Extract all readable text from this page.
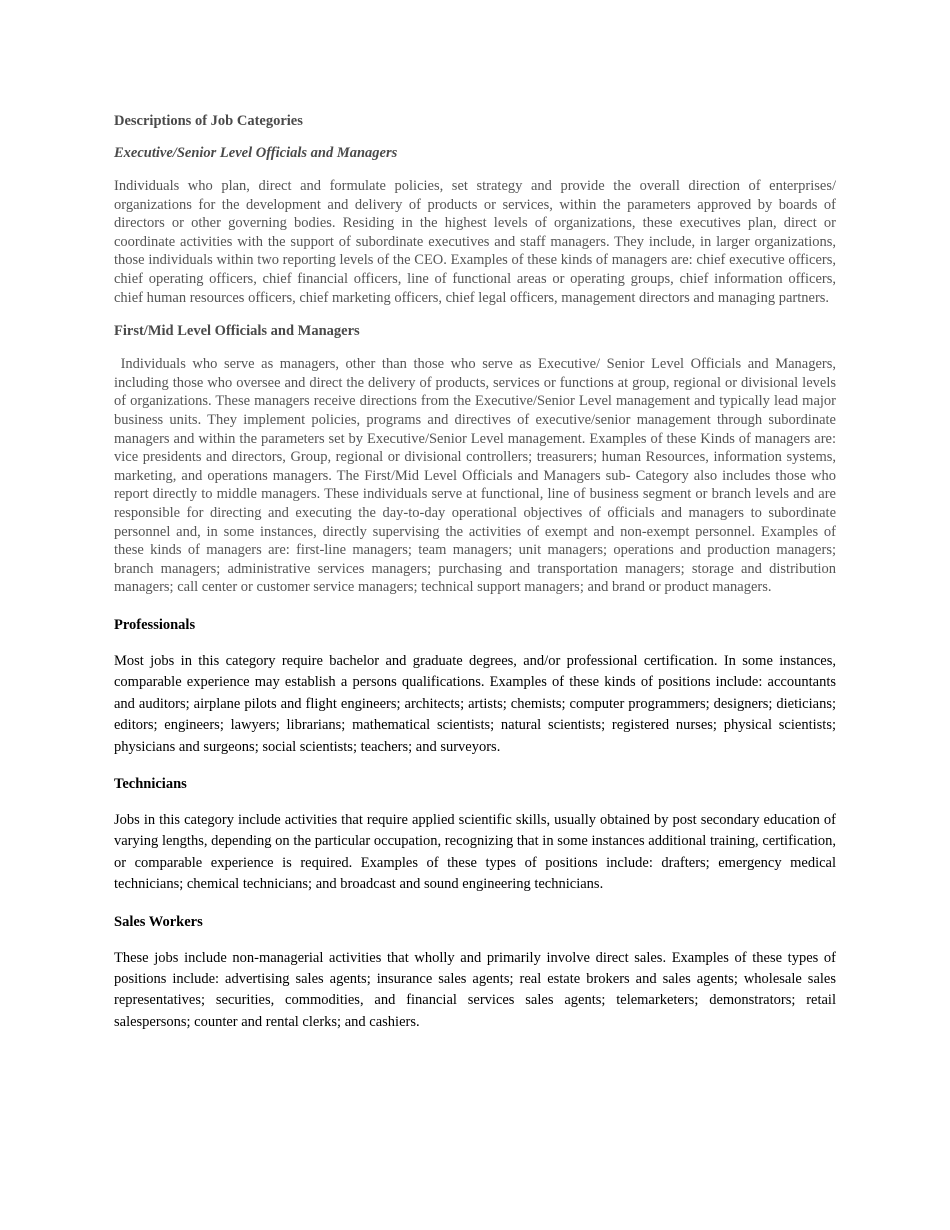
Descriptions of Job Categories
Executive/Senior Level Officials and Managers

Individuals who plan, direct and formulate policies, set strategy and provide the overall direction of enterprises/ organizations for the development and delivery of products or services, within the parameters approved by boards of directors or other governing bodies. Residing in the highest levels of organizations, these executives plan, direct or coordinate activities with the support of subordinate executives and staff managers. They include, in larger organizations, those individuals within two reporting levels of the CEO. Examples of these kinds of managers are: chief executive officers, chief operating officers, chief financial officers, line of functional areas or operating groups, chief information officers, chief human resources officers, chief marketing officers, chief legal officers, management directors and managing partners.

First/Mid Level Officials and Managers

Individuals who serve as managers, other than those who serve as Executive/ Senior Level Officials and Managers, including those who oversee and direct the delivery of products, services or functions at group, regional or divisional levels of organizations. These managers receive directions from the Executive/Senior Level management and typically lead major business units. They implement policies, programs and directives of executive/senior management through subordinate managers and within the parameters set by Executive/Senior Level management. Examples of these Kinds of managers are: vice presidents and directors, Group, regional or divisional controllers; treasurers; human Resources, information systems, marketing, and operations managers. The First/Mid Level Officials and Managers sub- Category also includes those who report directly to middle managers. These individuals serve at functional, line of business segment or branch levels and are responsible for directing and executing the day-to-day operational objectives of officials and managers to subordinate personnel and, in some instances, directly supervising the activities of exempt and non-exempt personnel. Examples of these kinds of managers are: first-line managers; team managers; unit managers; operations and production managers; branch managers; administrative services managers; purchasing and transportation managers; storage and distribution managers; call center or customer service managers; technical support managers; and brand or product managers.

Professionals

Most jobs in this category require bachelor and graduate degrees, and/or professional certification. In some instances, comparable experience may establish a persons qualifications. Examples of these kinds of positions include: accountants and auditors; airplane pilots and flight engineers; architects; artists; chemists; computer programmers; designers; dieticians; editors; engineers; lawyers; librarians; mathematical scientists; natural scientists; registered nurses; physical scientists; physicians and surgeons; social scientists; teachers; and surveyors.

Technicians

Jobs in this category include activities that require applied scientific skills, usually obtained by post secondary education of varying lengths, depending on the particular occupation, recognizing that in some instances additional training, certification, or comparable experience is required. Examples of these types of positions include: drafters; emergency medical technicians; chemical technicians; and broadcast and sound engineering technicians.

Sales Workers

These jobs include non-managerial activities that wholly and primarily involve direct sales. Examples of these types of positions include: advertising sales agents; insurance sales agents; real estate brokers and sales agents; wholesale sales representatives; securities, commodities, and financial services sales agents; telemarketers; demonstrators; retail salespersons; counter and rental clerks; and cashiers.
